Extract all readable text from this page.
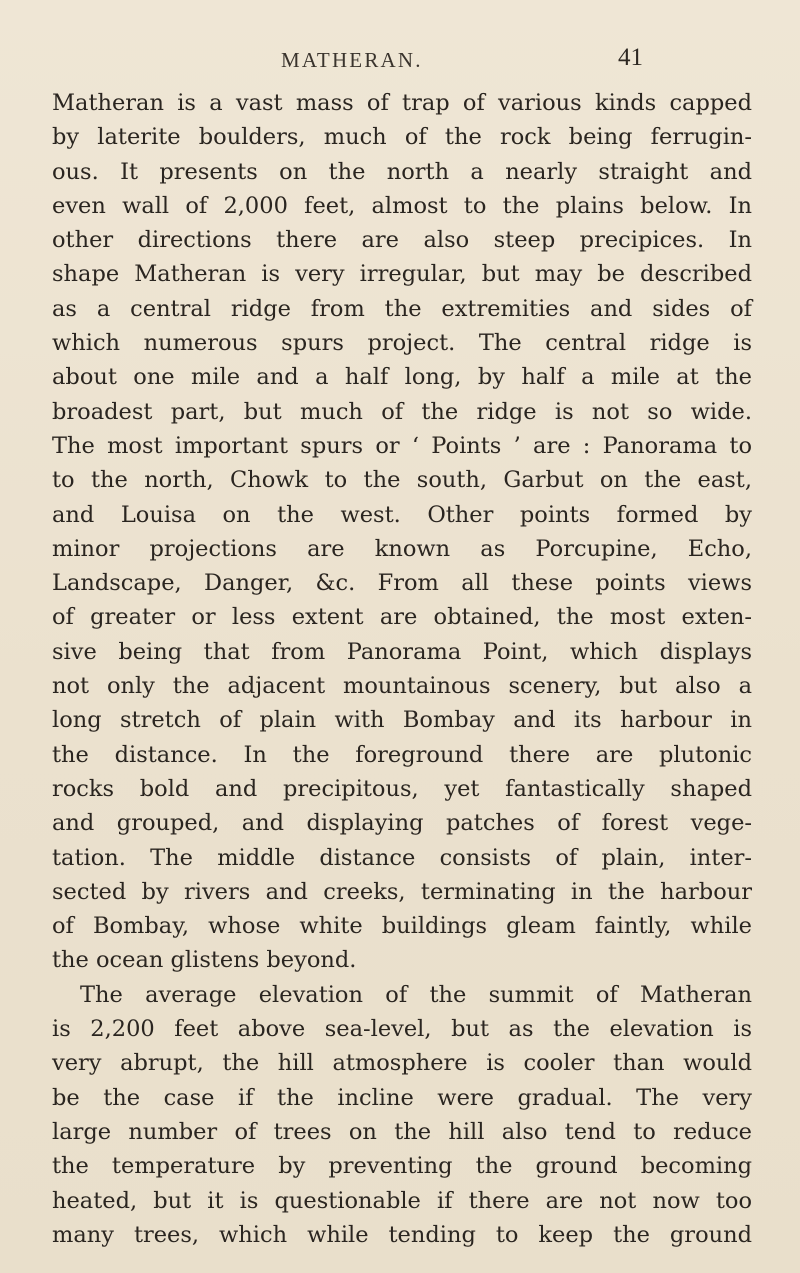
MATHERAN.	41
Matheran is a vast mass of trap of various kinds capped
by laterite boulders, much of the rock being ferrugin-
ous. It presents on the north a nearly straight and
even wall of 2,000 feet, almost to the plains below. In
other directions there are also steep precipices. In
shape Matheran is very irregular, but may be described
as a central ridge from the extremities and sides of
which numerous spurs project. The central ridge is
about one mile and a half long, by half a mile at the
broadest part, but much of the ridge is not so wide.
The most important spurs or ‘ Points ’ are : Panorama to
to the north, Chowk to the south, Garbut on the east,
and Louisa on the west. Other points formed by
minor projections are known as Porcupine, Echo,
Landscape, Danger, &c. From all these points views
of greater or less extent are obtained, the most exten-
sive being that from Panorama Point, which displays
not only the adjacent mountainous scenery, but also a
long stretch of plain with Bombay and its harbour in
the distance. In the foreground there are plutonic
rocks bold and precipitous, yet fantastically shaped
and grouped, and displaying patches of forest vege-
tation. The middle distance consists of plain, inter-
sected by rivers and creeks, terminating in the harbour
of Bombay, whose white buildings gleam faintly, while
the ocean glistens beyond.
The average elevation of the summit of Matheran
is 2,200 feet above sea-level, but as the elevation is
very abrupt, the hill atmosphere is cooler than would
be the case if the incline were gradual. The very
large number of trees on the hill also tend to reduce
the temperature by preventing the ground becoming
heated, but it is questionable if there are not now too
many trees, which while tending to keep the ground
